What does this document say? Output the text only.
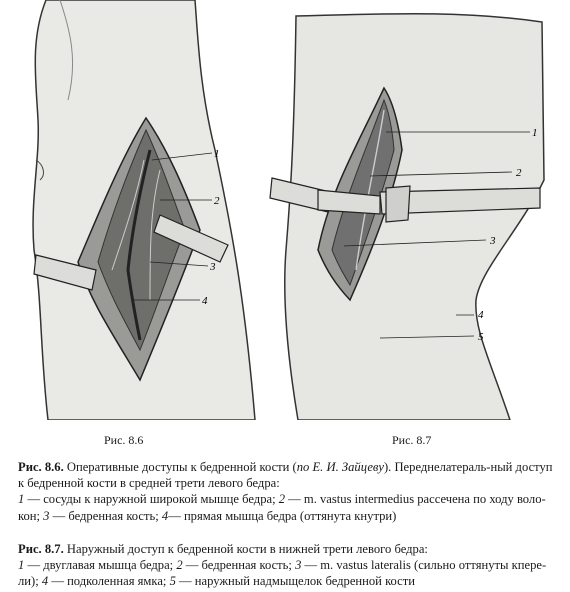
1
2
3
4
1
2
3
4
5
Рис. 8.6	Рис. 8.7
Рис. 8.6. Оперативные доступы к бедренной кости (по Е. И. Зайцеву). Переднелатераль-ный доступ к бедренной кости в средней трети левого бедра:
1 — сосуды к наружной широкой мышце бедра; 2 — m. vastus intermedius рассечена по ходу воло-кон; 3 — бедренная кость; 4— прямая мышца бедра (оттянута кнутри)
Рис. 8.7. Наружный доступ к бедренной кости в нижней трети левого бедра:
1 — двуглавая мышца бедра; 2 — бедренная кость; 3 — m. vastus lateralis (сильно оттянуты кпере-ли); 4 — подколенная ямка; 5 — наружный надмыщелок бедренной кости
